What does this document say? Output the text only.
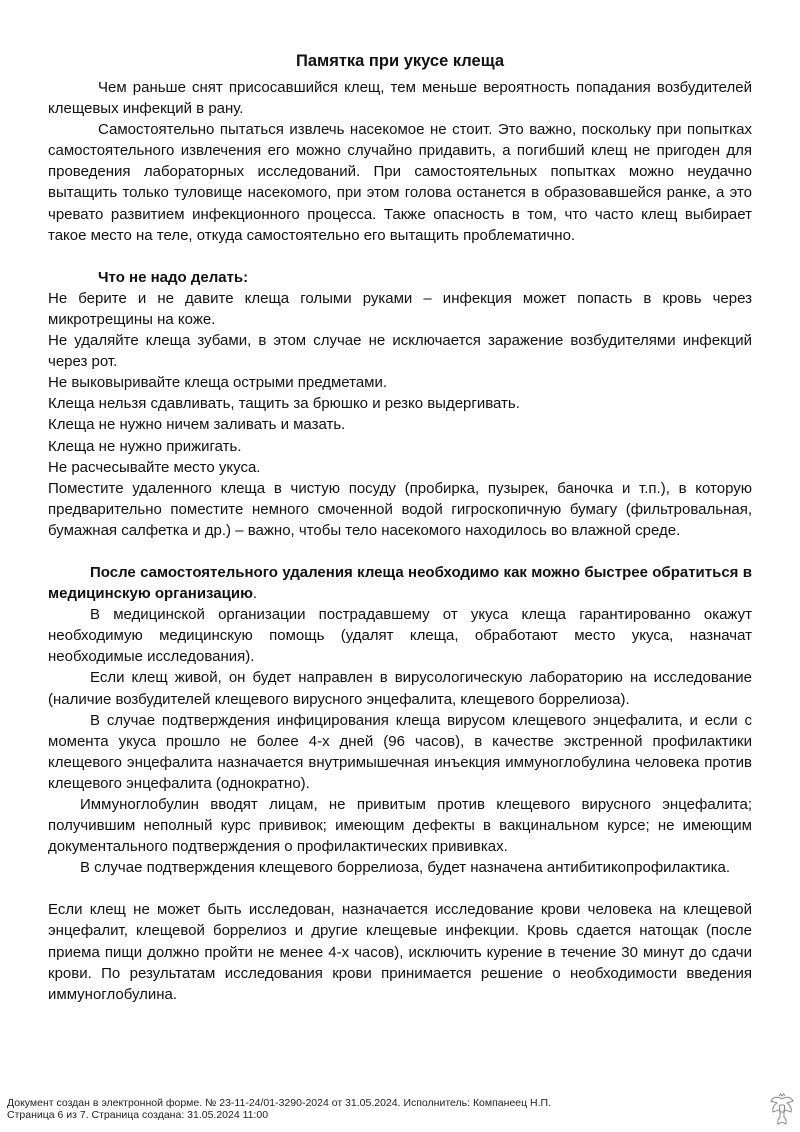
Памятка при укусе клеща

Чем раньше снят присосавшийся клещ, тем меньше вероятность попадания возбудителей клещевых инфекций в рану.

Самостоятельно пытаться извлечь насекомое не стоит. Это важно, поскольку при попытках самостоятельного извлечения его можно случайно придавить, а погибший клещ не пригоден для проведения лабораторных исследований. При самостоятельных попытках можно неудачно вытащить только туловище насекомого, при этом голова останется в образовавшейся ранке, а это чревато развитием инфекционного процесса. Также опасность в том, что часто клещ выбирает такое место на теле, откуда самостоятельно его вытащить проблематично.

Что не надо делать:

Не берите и не давите клеща голыми руками – инфекция может попасть в кровь через микротрещины на коже.

Не удаляйте клеща зубами, в этом случае не исключается заражение возбудителями инфекций через рот.

Не выковыривайте клеща острыми предметами.

Клеща нельзя сдавливать, тащить за брюшко и резко выдергивать.

Клеща не нужно ничем заливать и мазать.

Клеща не нужно прижигать.

Не расчесывайте место укуса.

Поместите удаленного клеща в чистую посуду (пробирка, пузырек, баночка и т.п.), в которую предварительно поместите немного смоченной водой гигроскопичную бумагу (фильтровальная, бумажная салфетка и др.) – важно, чтобы тело насекомого находилось во влажной среде.

После самостоятельного удаления клеща необходимо как можно быстрее обратиться в медицинскую организацию.

В медицинской организации пострадавшему от укуса клеща гарантированно окажут необходимую медицинскую помощь (удалят клеща, обработают место укуса, назначат необходимые исследования).

Если клещ живой, он будет направлен в вирусологическую лабораторию на исследование (наличие возбудителей клещевого вирусного энцефалита, клещевого боррелиоза).

В случае подтверждения инфицирования клеща вирусом клещевого энцефалита, и если с момента укуса прошло не более 4-х дней (96 часов), в качестве экстренной профилактики клещевого энцефалита назначается внутримышечная инъекция иммуноглобулина человека против клещевого энцефалита (однократно).

Иммуноглобулин вводят лицам, не привитым против клещевого вирусного энцефалита; получившим неполный курс прививок; имеющим дефекты в вакцинальном курсе; не имеющим документального подтверждения о профилактических прививках.

В случае подтверждения клещевого боррелиоза, будет назначена антибитикопрофилактика.

Если клещ не может быть исследован, назначается исследование крови человека на клещевой энцефалит, клещевой боррелиоз и другие клещевые инфекции. Кровь сдается натощак (после приема пищи должно пройти не менее 4-х часов), исключить курение в течение 30 минут до сдачи крови. По результатам исследования крови принимается решение о необходимости введения иммуноглобулина.

Документ создан в электронной форме. № 23-11-24/01-3290-2024 от 31.05.2024. Исполнитель: Компанеец Н.П.
Страница 6 из 7. Страница создана: 31.05.2024 11:00
